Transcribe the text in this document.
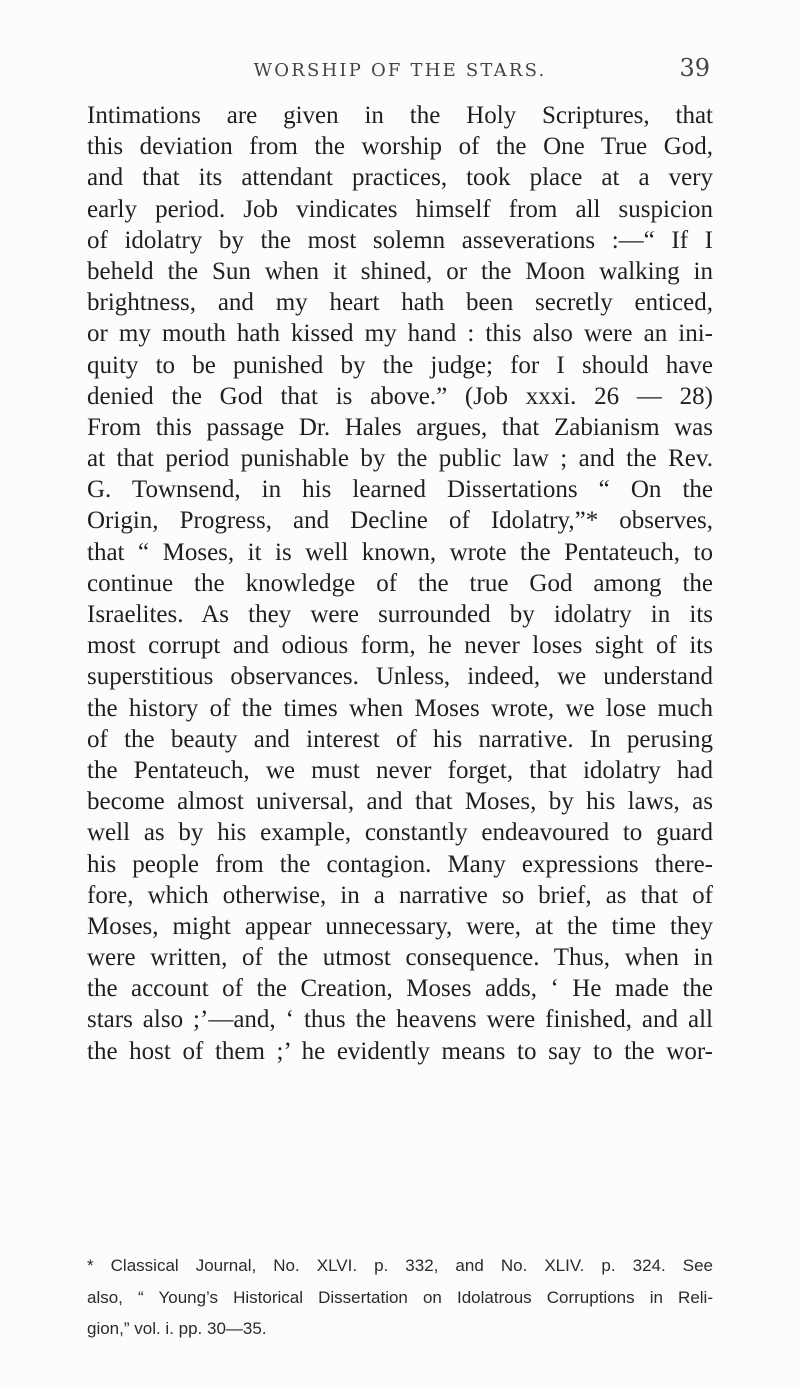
WORSHIP OF THE STARS.	39
Intimations are given in the Holy Scriptures, that
this deviation from the worship of the One True God,
and that its attendant practices, took place at a very
early period. Job vindicates himself from all suspicion
of idolatry by the most solemn asseverations :—“ If I
beheld the Sun when it shined, or the Moon walking in
brightness, and my heart hath been secretly enticed,
or my mouth hath kissed my hand : this also were an ini-
quity to be punished by the judge; for I should have
denied the God that is above.” (Job xxxi. 26 — 28)
From this passage Dr. Hales argues, that Zabianism was
at that period punishable by the public law ; and the Rev.
G. Townsend, in his learned Dissertations “ On the
Origin, Progress, and Decline of Idolatry,”* observes,
that “ Moses, it is well known, wrote the Pentateuch, to
continue the knowledge of the true God among the
Israelites. As they were surrounded by idolatry in its
most corrupt and odious form, he never loses sight of its
superstitious observances. Unless, indeed, we understand
the history of the times when Moses wrote, we lose much
of the beauty and interest of his narrative. In perusing
the Pentateuch, we must never forget, that idolatry had
become almost universal, and that Moses, by his laws, as
well as by his example, constantly endeavoured to guard
his people from the contagion. Many expressions there-
fore, which otherwise, in a narrative so brief, as that of
Moses, might appear unnecessary, were, at the time they
were written, of the utmost consequence. Thus, when in
the account of the Creation, Moses adds, ‘ He made the
stars also ;’—and, ‘ thus the heavens were finished, and all
the host of them ;’ he evidently means to say to the wor-
* Classical Journal, No. XLVI. p. 332, and No. XLIV. p. 324. See
also, “ Young’s Historical Dissertation on Idolatrous Corruptions in Reli-
gion,” vol. i. pp. 30—35.
